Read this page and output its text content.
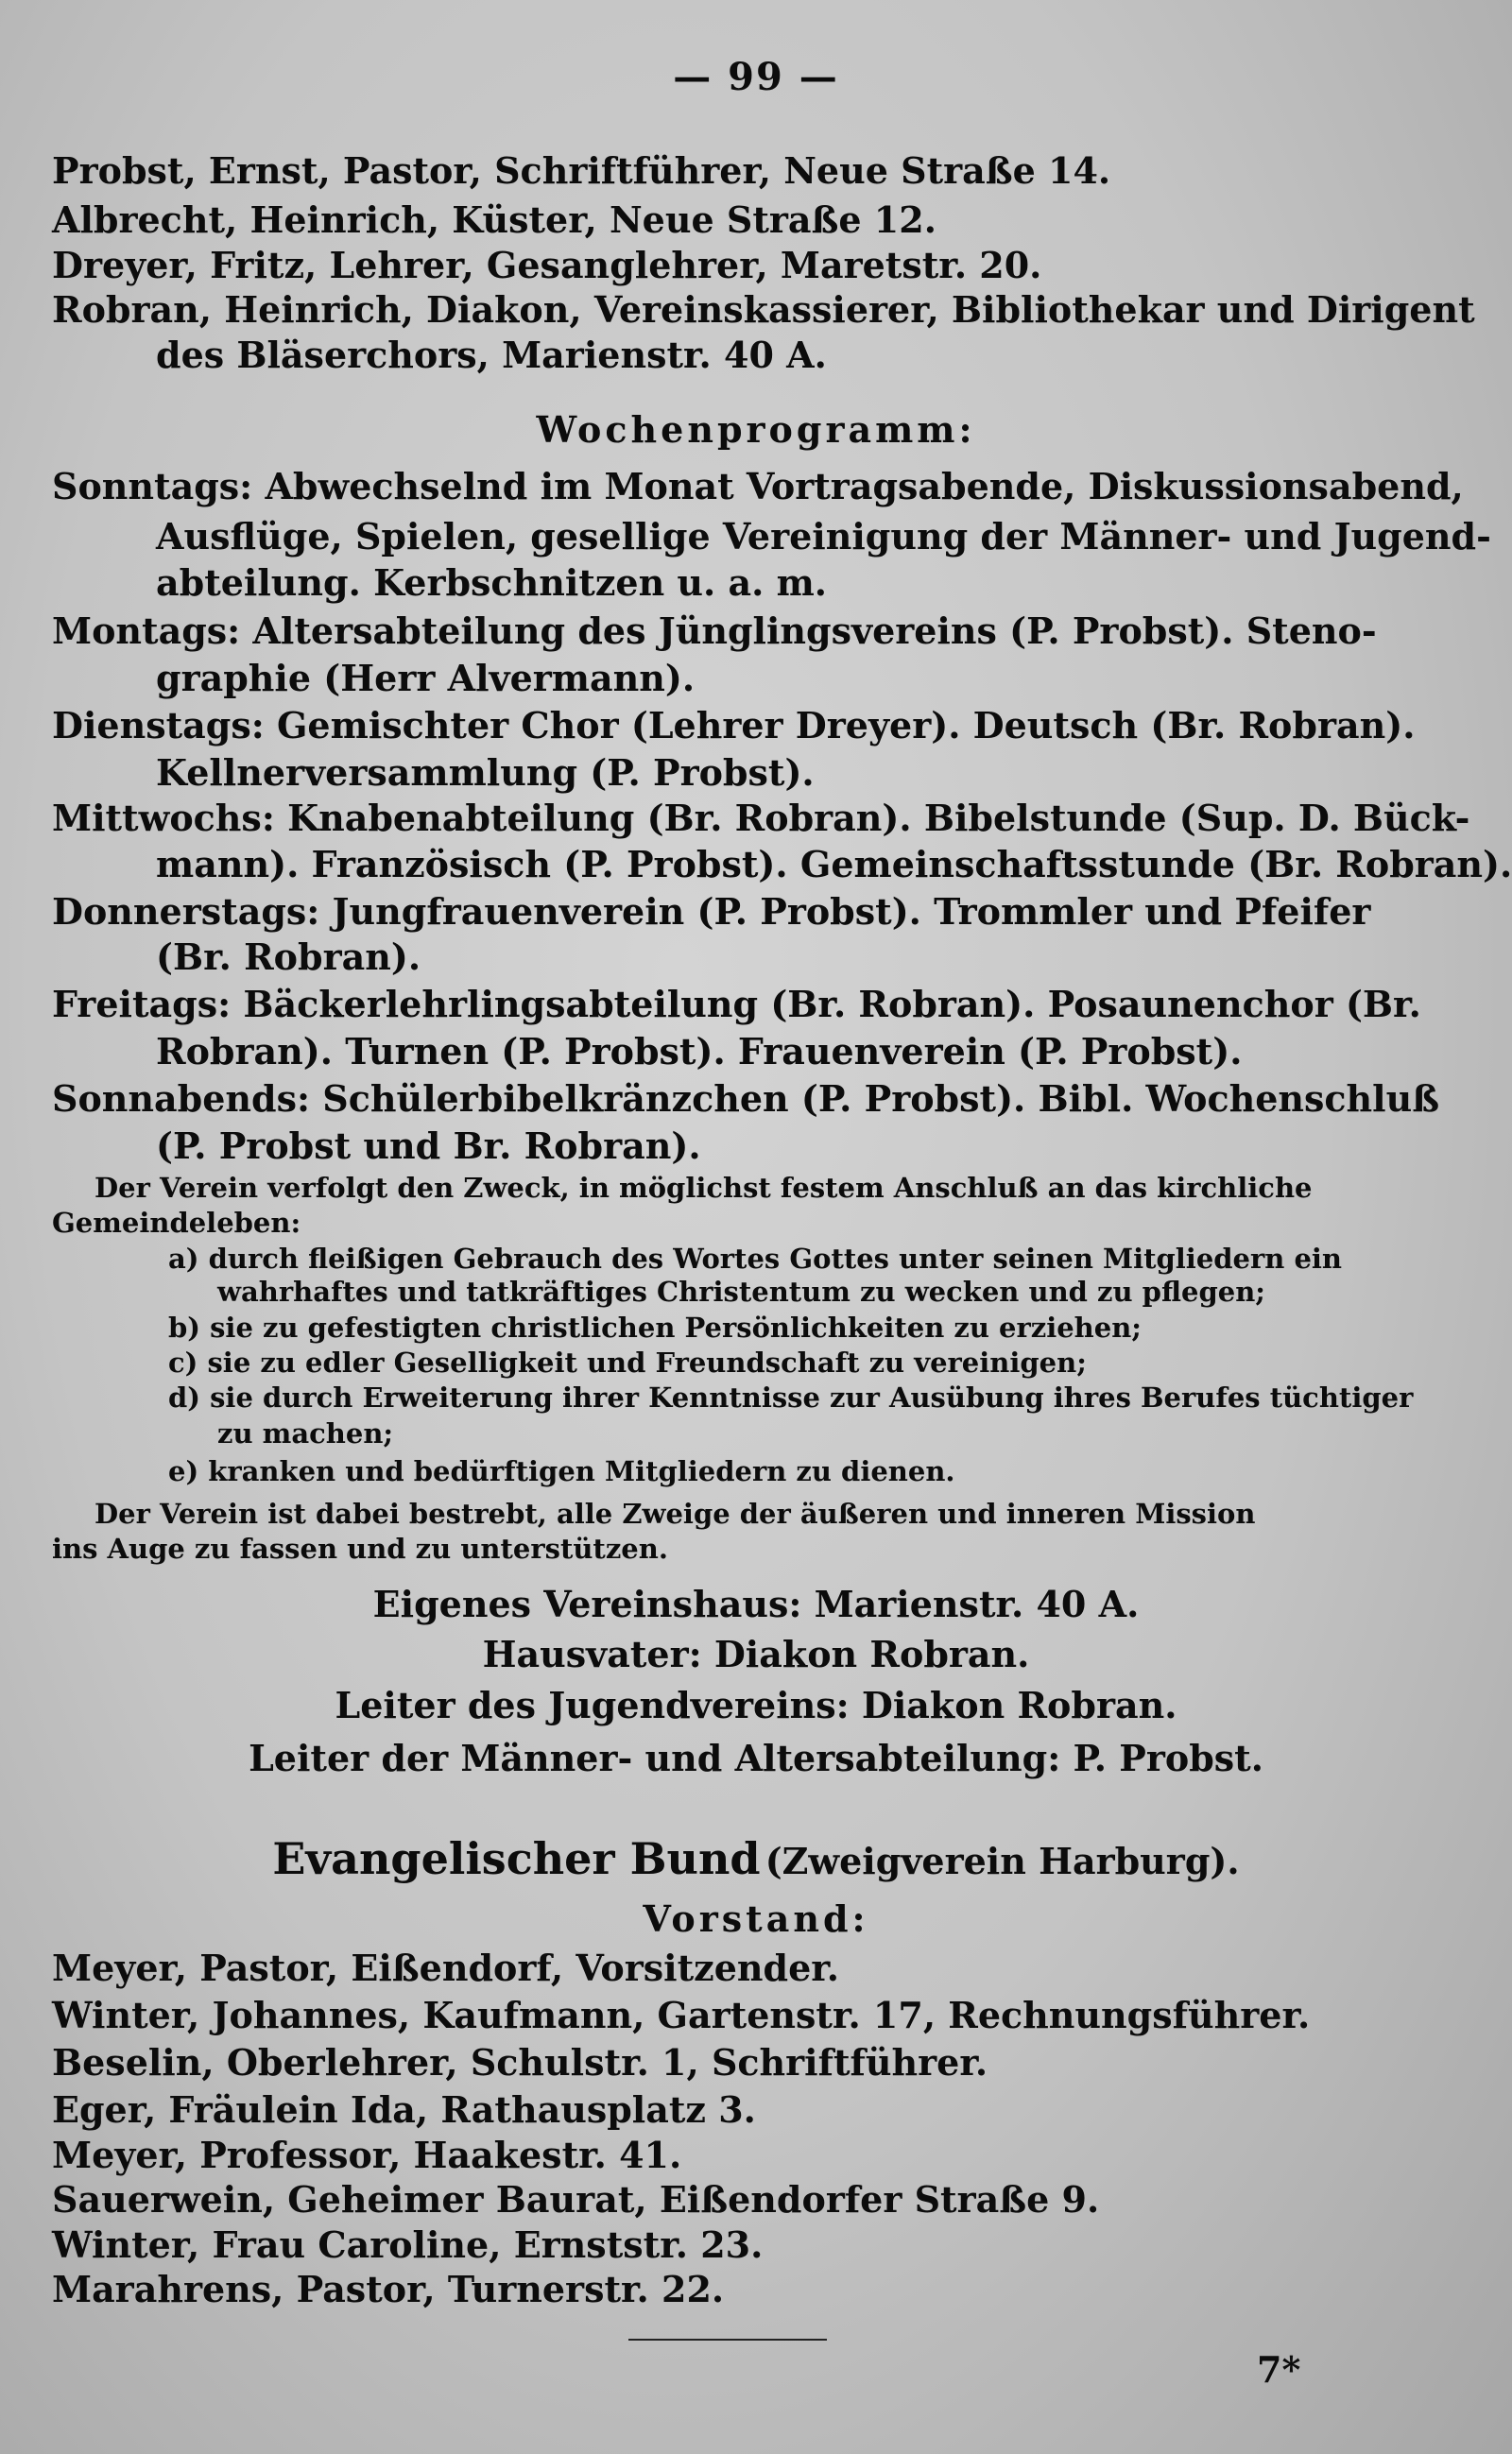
— 99 —
Probst, Ernst, Pastor, Schriftführer, Neue Straße 14.
Albrecht, Heinrich, Küster, Neue Straße 12.
Dreyer, Fritz, Lehrer, Gesanglehrer, Maretstr. 20.
Robran, Heinrich, Diakon, Vereinskassierer, Bibliothekar und Dirigent
des Bläserchors, Marienstr. 40 A.
Wochenprogramm:
Sonntags: Abwechselnd im Monat Vortragsabende, Diskussionsabend,
Ausflüge, Spielen, gesellige Vereinigung der Männer- und Jugend-
abteilung. Kerbschnitzen u. a. m.
Montags: Altersabteilung des Jünglingsvereins (P. Probst). Steno-
graphie (Herr Alvermann).
Dienstags: Gemischter Chor (Lehrer Dreyer). Deutsch (Br. Robran).
Kellnerversammlung (P. Probst).
Mittwochs: Knabenabteilung (Br. Robran). Bibelstunde (Sup. D. Bück-
mann). Französisch (P. Probst). Gemeinschaftsstunde (Br. Robran).
Donnerstags: Jungfrauenverein (P. Probst). Trommler und Pfeifer
(Br. Robran).
Freitags: Bäckerlehrlingsabteilung (Br. Robran). Posaunenchor (Br.
Robran). Turnen (P. Probst). Frauenverein (P. Probst).
Sonnabends: Schülerbibelkränzchen (P. Probst). Bibl. Wochenschluß
(P. Probst und Br. Robran).
Der Verein verfolgt den Zweck, in möglichst festem Anschluß an das kirchliche
Gemeindeleben:
a) durch fleißigen Gebrauch des Wortes Gottes unter seinen Mitgliedern ein
wahrhaftes und tatkräftiges Christentum zu wecken und zu pflegen;
b) sie zu gefestigten christlichen Persönlichkeiten zu erziehen;
c) sie zu edler Geselligkeit und Freundschaft zu vereinigen;
d) sie durch Erweiterung ihrer Kenntnisse zur Ausübung ihres Berufes tüchtiger
zu machen;
e) kranken und bedürftigen Mitgliedern zu dienen.
Der Verein ist dabei bestrebt, alle Zweige der äußeren und inneren Mission
ins Auge zu fassen und zu unterstützen.
Eigenes Vereinshaus: Marienstr. 40 A.
Hausvater: Diakon Robran.
Leiter des Jugendvereins: Diakon Robran.
Leiter der Männer- und Altersabteilung: P. Probst.
Evangelischer Bund (Zweigverein Harburg).
Vorstand:
Meyer, Pastor, Eißendorf, Vorsitzender.
Winter, Johannes, Kaufmann, Gartenstr. 17, Rechnungsführer.
Beselin, Oberlehrer, Schulstr. 1, Schriftführer.
Eger, Fräulein Ida, Rathausplatz 3.
Meyer, Professor, Haakestr. 41.
Sauerwein, Geheimer Baurat, Eißendorfer Straße 9.
Winter, Frau Caroline, Ernststr. 23.
Marahrens, Pastor, Turnerstr. 22.
7*
